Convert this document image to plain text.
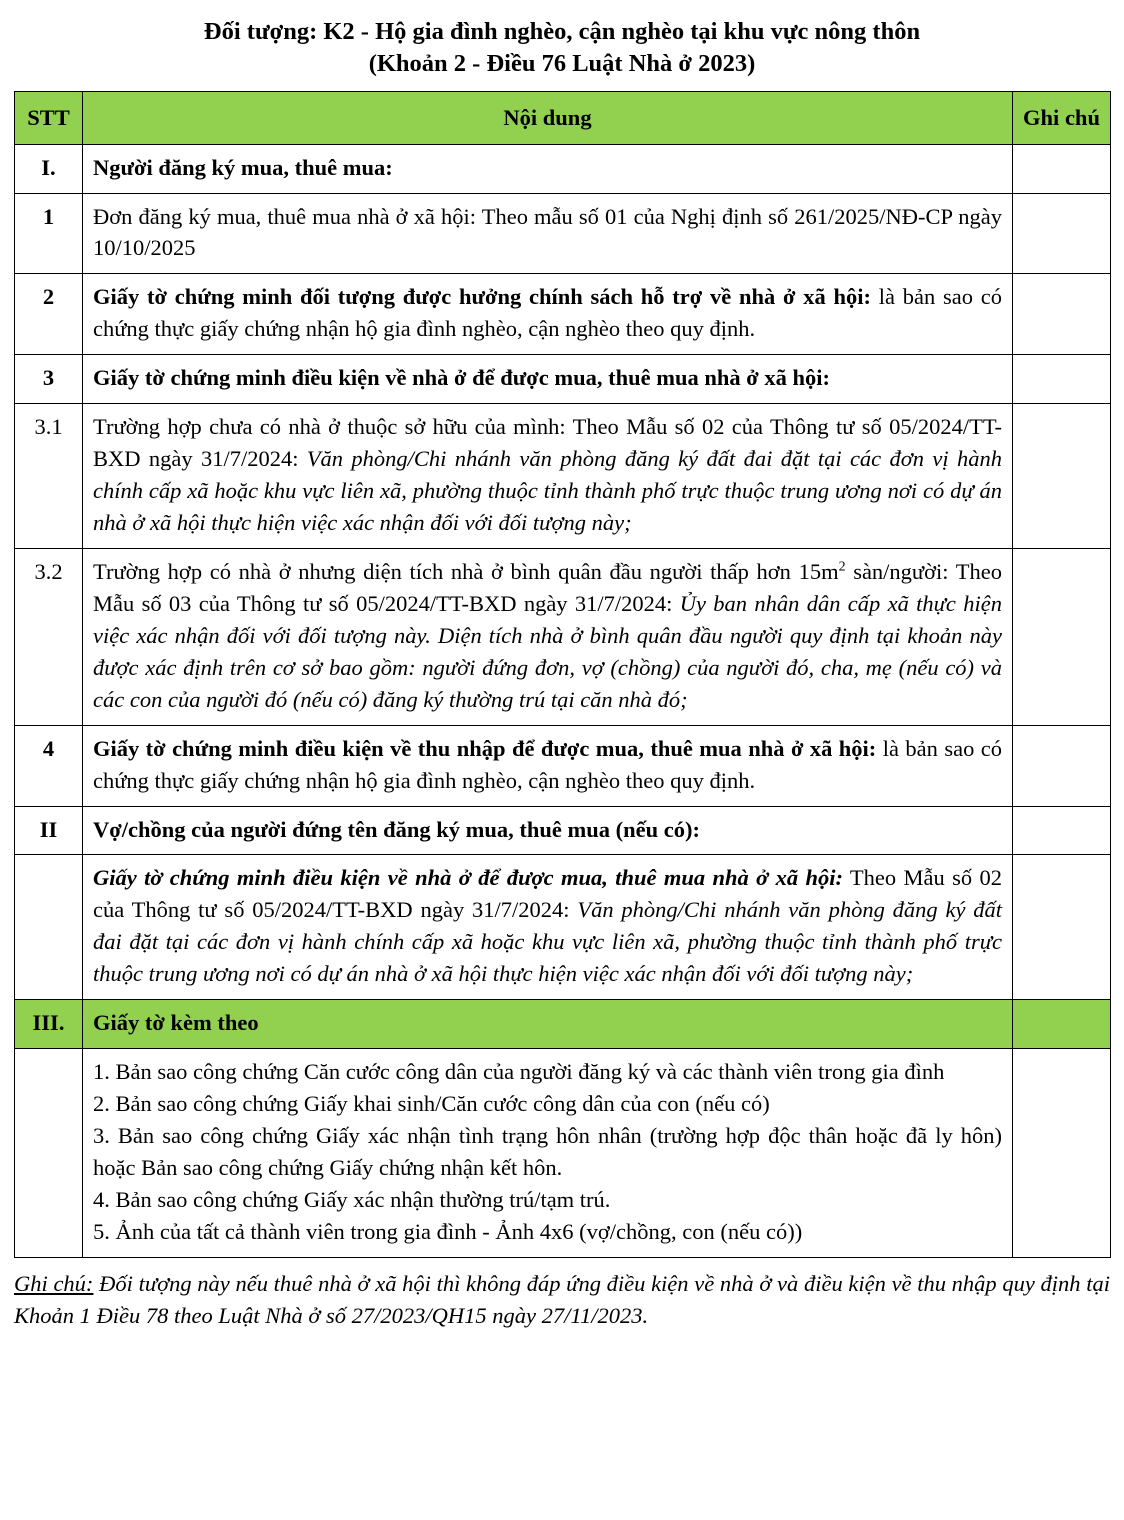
Đối tượng: K2 - Hộ gia đình nghèo, cận nghèo tại khu vực nông thôn
(Khoản 2 - Điều 76 Luật Nhà ở 2023)
STT	Nội dung	Ghi chú
I.	Người đăng ký mua, thuê mua:	
1	Đơn đăng ký mua, thuê mua nhà ở xã hội: Theo mẫu số 01 của Nghị định số 261/2025/NĐ-CP ngày 10/10/2025	
2	Giấy tờ chứng minh đối tượng được hưởng chính sách hỗ trợ về nhà ở xã hội: là bản sao có chứng thực giấy chứng nhận hộ gia đình nghèo, cận nghèo theo quy định.	
3	Giấy tờ chứng minh điều kiện về nhà ở để được mua, thuê mua nhà ở xã hội:	
3.1	Trường hợp chưa có nhà ở thuộc sở hữu của mình: Theo Mẫu số 02 của Thông tư số 05/2024/TT-BXD ngày 31/7/2024: Văn phòng/Chi nhánh văn phòng đăng ký đất đai đặt tại các đơn vị hành chính cấp xã hoặc khu vực liên xã, phường thuộc tỉnh thành phố trực thuộc trung ương nơi có dự án nhà ở xã hội thực hiện việc xác nhận đối với đối tượng này;	
3.2	Trường hợp có nhà ở nhưng diện tích nhà ở bình quân đầu người thấp hơn $15m^2$ sàn/người: Theo Mẫu số 03 của Thông tư số 05/2024/TT-BXD ngày 31/7/2024: Ủy ban nhân dân cấp xã thực hiện việc xác nhận đối với đối tượng này. Diện tích nhà ở bình quân đầu người quy định tại khoản này được xác định trên cơ sở bao gồm: người đứng đơn, vợ (chồng) của người đó, cha, mẹ (nếu có) và các con của người đó (nếu có) đăng ký thường trú tại căn nhà đó;	
4	Giấy tờ chứng minh điều kiện về thu nhập để được mua, thuê mua nhà ở xã hội: là bản sao có chứng thực giấy chứng nhận hộ gia đình nghèo, cận nghèo theo quy định.	
II	Vợ/chồng của người đứng tên đăng ký mua, thuê mua (nếu có):	
	Giấy tờ chứng minh điều kiện về nhà ở để được mua, thuê mua nhà ở xã hội: Theo Mẫu số 02 của Thông tư số 05/2024/TT-BXD ngày 31/7/2024: Văn phòng/Chi nhánh văn phòng đăng ký đất đai đặt tại các đơn vị hành chính cấp xã hoặc khu vực liên xã, phường thuộc tỉnh thành phố trực thuộc trung ương nơi có dự án nhà ở xã hội thực hiện việc xác nhận đối với đối tượng này;	
III.	Giấy tờ kèm theo	

	1. Bản sao công chứng Căn cước công dân của người đăng ký và các thành viên trong gia đình

2. Bản sao công chứng Giấy khai sinh/Căn cước công dân của con (nếu có)

3. Bản sao công chứng Giấy xác nhận tình trạng hôn nhân (trường hợp độc thân hoặc đã ly hôn) hoặc Bản sao công chứng Giấy chứng nhận kết hôn.

4. Bản sao công chứng Giấy xác nhận thường trú/tạm trú.

5. Ảnh của tất cả thành viên trong gia đình - Ảnh 4x6 (vợ/chồng, con (nếu có))	

Ghi chú: Đối tượng này nếu thuê nhà ở xã hội thì không đáp ứng điều kiện về nhà ở và điều kiện về thu nhập quy định tại Khoản 1 Điều 78 theo Luật Nhà ở số 27/2023/QH15 ngày 27/11/2023.
